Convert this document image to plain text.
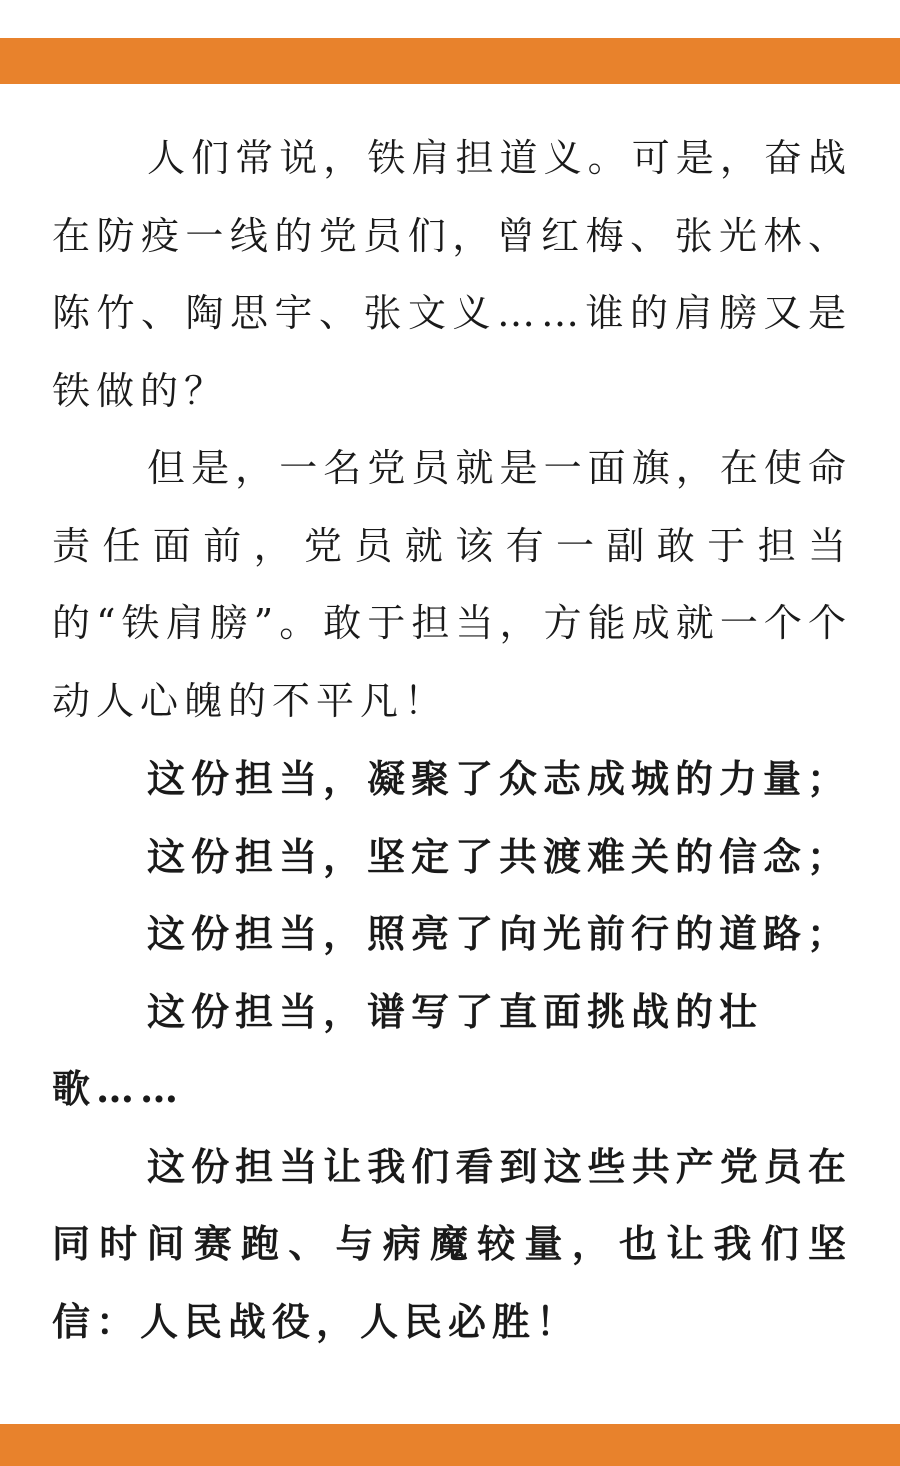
人们常说，铁肩担道义。可是，奋战在防疫一线的党员们，曾红梅、张光林、陈竹、陶思宇、张文义……谁的肩膀又是铁做的？

但是，一名党员就是一面旗，在使命责任面前，党员就该有一副敢于担当的“铁肩膀”。敢于担当，方能成就一个个动人心魄的不平凡！

这份担当，凝聚了众志成城的力量；

这份担当，坚定了共渡难关的信念；

这份担当，照亮了向光前行的道路；

这份担当，谱写了直面挑战的壮歌……

这份担当让我们看到这些共产党员在同时间赛跑、与病魔较量，也让我们坚信：人民战役，人民必胜！
